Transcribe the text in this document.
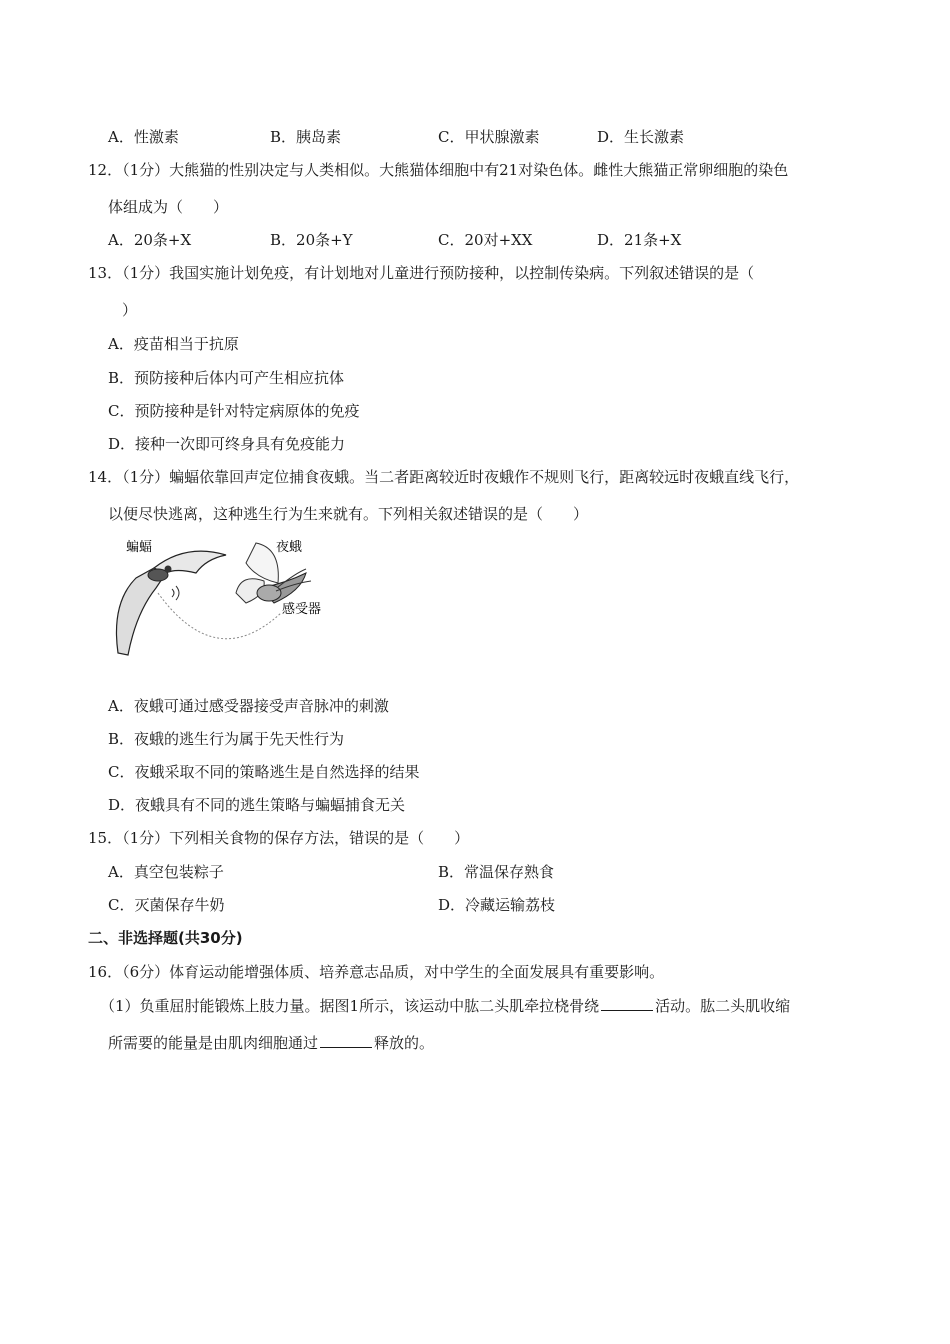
A．性激素	B．胰岛素	C．甲状腺激素	D．生长激素
12．（1分）大熊猫的性别决定与人类相似。大熊猫体细胞中有21对染色体。雌性大熊猫正常卵细胞的染色
体组成为（　　）
A．20条+X	B．20条+Y	C．20对+XX	D．21条+X
13．（1分）我国实施计划免疫，有计划地对儿童进行预防接种，以控制传染病。下列叙述错误的是（
）
A．疫苗相当于抗原
B．预防接种后体内可产生相应抗体
C．预防接种是针对特定病原体的免疫
D．接种一次即可终身具有免疫能力
14．（1分）蝙蝠依靠回声定位捕食夜蛾。当二者距离较近时夜蛾作不规则飞行，距离较远时夜蛾直线飞行，
以便尽快逃离，这种逃生行为生来就有。下列相关叙述错误的是（　　）
蝙蝠	夜蛾
感受器
A．夜蛾可通过感受器接受声音脉冲的刺激
B．夜蛾的逃生行为属于先天性行为
C．夜蛾采取不同的策略逃生是自然选择的结果
D．夜蛾具有不同的逃生策略与蝙蝠捕食无关
15．（1分）下列相关食物的保存方法，错误的是（　　）
A．真空包装粽子	B．常温保存熟食
C．灭菌保存牛奶	D．冷藏运输荔枝
二、非选择题(共30分)
16．（6分）体育运动能增强体质、培养意志品质，对中学生的全面发展具有重要影响。
（1）负重屈肘能锻炼上肢力量。据图1所示，该运动中肱二头肌牵拉桡骨绕	活动。肱二头肌收缩
所需要的能量是由肌肉细胞通过	释放的。
